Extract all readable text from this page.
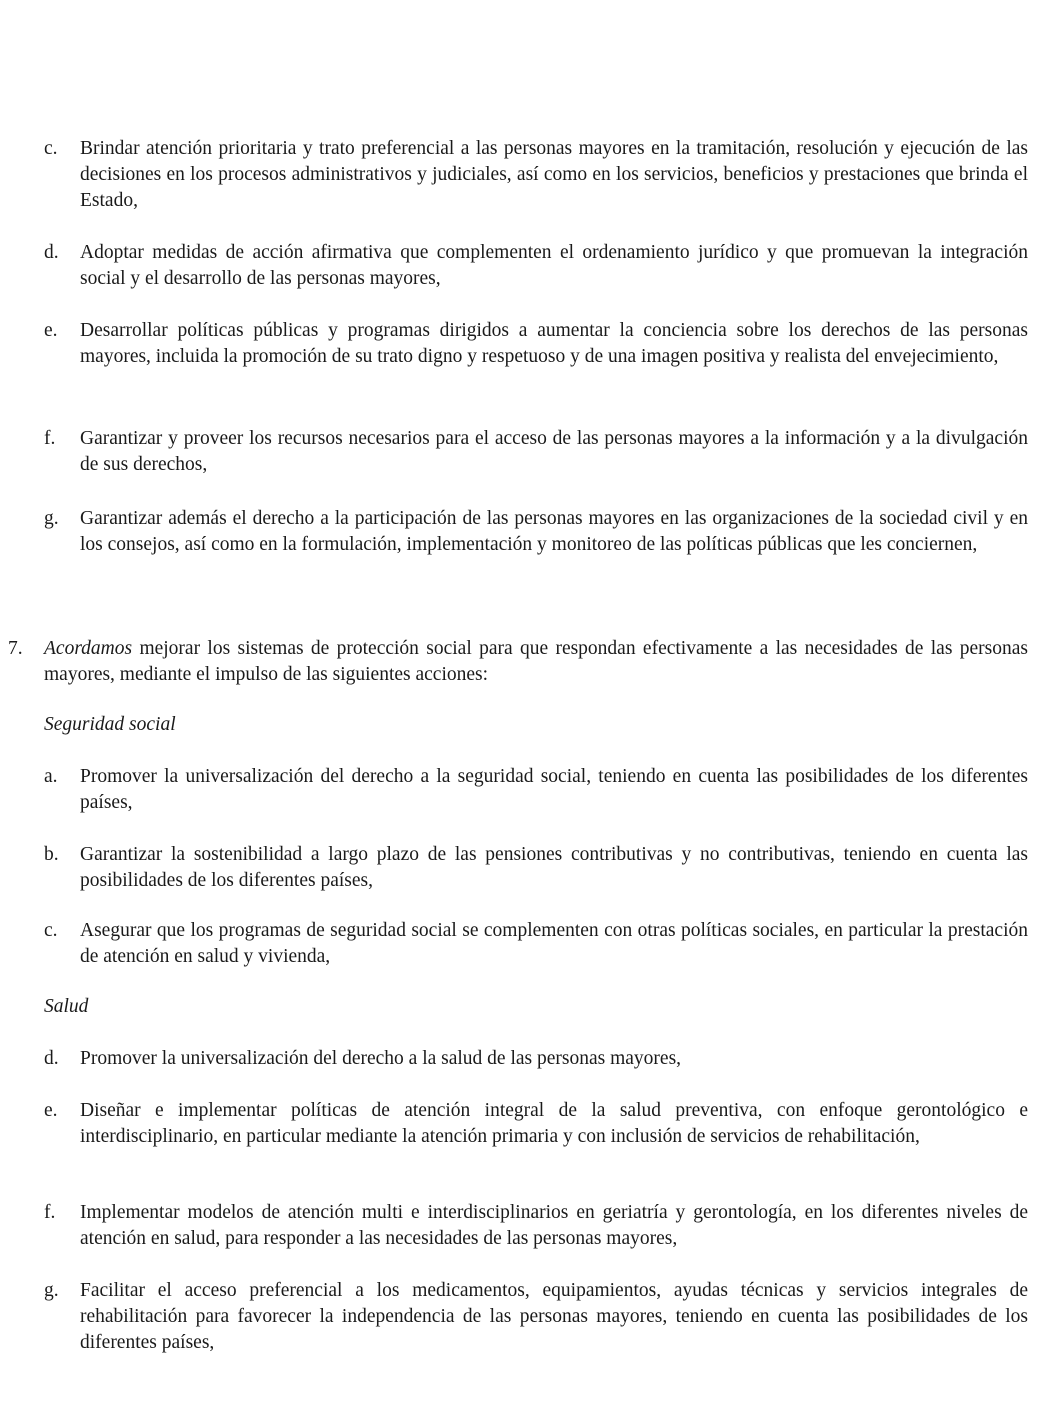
c.	Brindar atención prioritaria y trato preferencial a las personas mayores en la tramitación, resolución y ejecución de las decisiones en los procesos administrativos y judiciales, así como en los servicios, beneficios y prestaciones que brinda el Estado,
d.	Adoptar medidas de acción afirmativa que complementen el ordenamiento jurídico y que promuevan la integración social y el desarrollo de las personas mayores,
e.	Desarrollar políticas públicas y programas dirigidos a aumentar la conciencia sobre los derechos de las personas mayores, incluida la promoción de su trato digno y respetuoso y de una imagen positiva y realista del envejecimiento,
f.	Garantizar y proveer los recursos necesarios para el acceso de las personas mayores a la información y a la divulgación de sus derechos,
g.	Garantizar además el derecho a la participación de las personas mayores en las organizaciones de la sociedad civil y en los consejos, así como en la formulación, implementación y monitoreo de las políticas públicas que les conciernen,
7.	Acordamos mejorar los sistemas de protección social para que respondan efectivamente a las necesidades de las personas mayores, mediante el impulso de las siguientes acciones:
Seguridad social
a.	Promover la universalización del derecho a la seguridad social, teniendo en cuenta las posibilidades de los diferentes países,
b.	Garantizar la sostenibilidad a largo plazo de las pensiones contributivas y no contributivas, teniendo en cuenta las posibilidades de los diferentes países,
c.	Asegurar que los programas de seguridad social se complementen con otras políticas sociales, en particular la prestación de atención en salud y vivienda,
Salud
d.	Promover la universalización del derecho a la salud de las personas mayores,
e.	Diseñar e implementar políticas de atención integral de la salud preventiva, con enfoque gerontológico e interdisciplinario, en particular mediante la atención primaria y con inclusión de servicios de rehabilitación,
f.	Implementar modelos de atención multi e interdisciplinarios en geriatría y gerontología, en los diferentes niveles de atención en salud, para responder a las necesidades de las personas mayores,
g.	Facilitar el acceso preferencial a los medicamentos, equipamientos, ayudas técnicas y servicios integrales de rehabilitación para favorecer la independencia de las personas mayores, teniendo en cuenta las posibilidades de los diferentes países,
